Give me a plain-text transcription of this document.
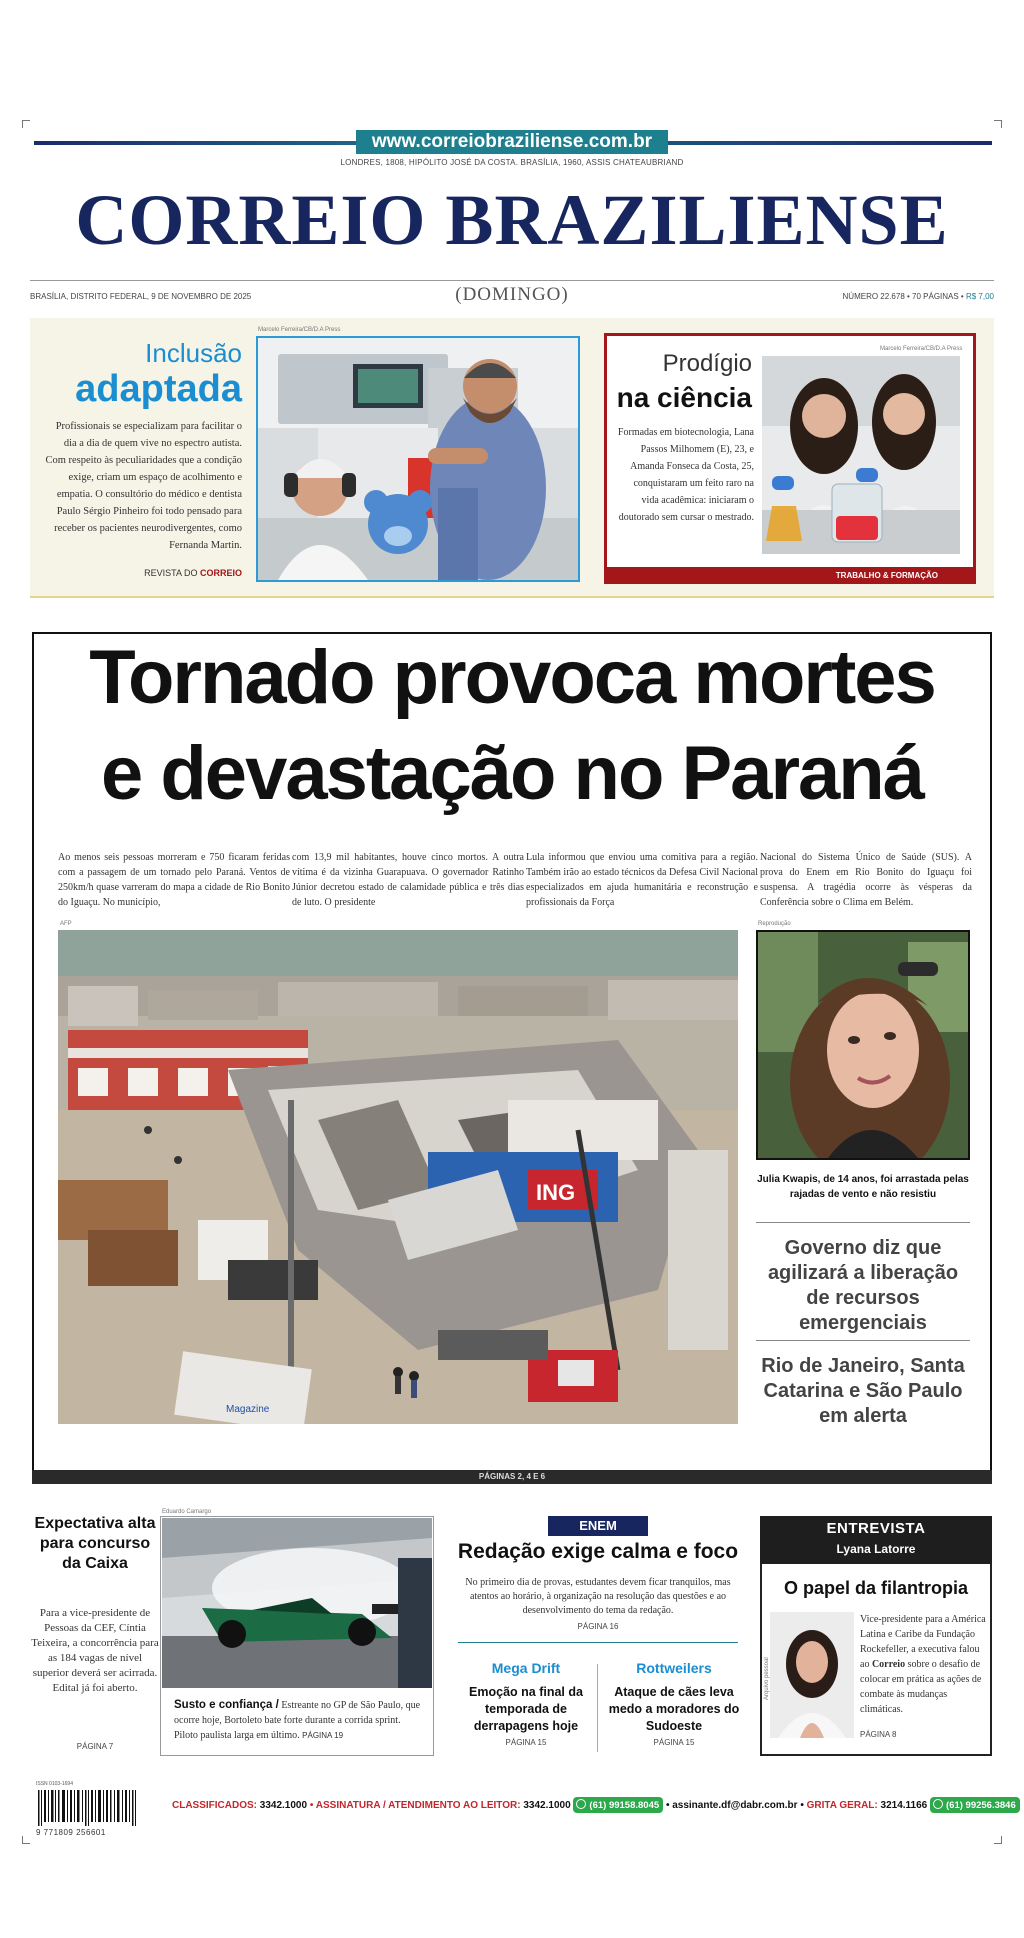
www.correiobraziliense.com.br
LONDRES, 1808, HIPÓLITO JOSÉ DA COSTA. BRASÍLIA, 1960, ASSIS CHATEAUBRIAND
CORREIO BRAZILIENSE
BRASÍLIA, DISTRITO FEDERAL, 9 DE NOVEMBRO DE 2025	(DOMINGO)	NÚMERO 22.678 • 70 PÁGINAS • R$ 7,00
Inclusão
adaptada
Profissionais se especializam para facilitar o dia a dia de quem vive no espectro autista. Com respeito às peculiaridades que a condição exige, criam um espaço de acolhimento e empatia. O consultório do médico e dentista Paulo Sérgio Pinheiro foi todo pensado para receber os pacientes neurodivergentes, como Fernanda Martin.
REVISTA DO CORREIO
Marcelo Ferreira/CB/D.A Press
Prodígio
na ciência
Formadas em biotecnologia, Lana Passos Milhomem (E), 23, e Amanda Fonseca da Costa, 25, conquistaram um feito raro na vida acadêmica: iniciaram o doutorado sem cursar o mestrado.
Marcelo Ferreira/CB/D.A Press
TRABALHO & FORMAÇÃO
Tornado provoca mortes
e devastação no Paraná
Ao menos seis pessoas morreram e 750 ficaram feridas com a passagem de um tornado pelo Paraná. Ventos de 250km/h quase varreram do mapa a cidade de Rio Bonito do Iguaçu. No município,
com 13,9 mil habitantes, houve cinco mortos. A outra vítima é da vizinha Guarapuava. O governador Ratinho Júnior decretou estado de calamidade pública e três dias de luto. O presidente
Lula informou que enviou uma comitiva para a região. Também irão ao estado técnicos da Defesa Civil Nacional especializados em ajuda humanitária e reconstrução e profissionais da Força
Nacional do Sistema Único de Saúde (SUS). A prova do Enem em Rio Bonito do Iguaçu foi suspensa. A tragédia ocorre às vésperas da Conferência sobre o Clima em Belém.
AFP
ING
Magazine
Reprodução
Julia Kwapis, de 14 anos, foi arrastada pelas rajadas de vento e não resistiu
Governo diz que agilizará a liberação de recursos emergenciais
Rio de Janeiro, Santa Catarina e São Paulo em alerta
PÁGINAS 2, 4 E 6
Expectativa alta para concurso da Caixa
Para a vice-presidente de Pessoas da CEF, Cíntia Teixeira, a concorrência para as 184 vagas de nível superior deverá ser acirrada. Edital já foi aberto.
PÁGINA 7
Eduardo Camargo
Susto e confiança / Estreante no GP de São Paulo, que ocorre hoje, Bortoleto bate forte durante a corrida sprint. Piloto paulista larga em último. PÁGINA 19
ENEM
Redação exige calma e foco
No primeiro dia de provas, estudantes devem ficar tranquilos, mas atentos ao horário, à organização na resolução das questões e ao desenvolvimento do tema da redação.
PÁGINA 16
Mega Drift
Emoção na final da temporada de derrapagens hoje
PÁGINA 15
Rottweilers
Ataque de cães leva medo a moradores do Sudoeste
PÁGINA 15
ENTREVISTA
Lyana Latorre
O papel da filantropia
Arquivo pessoal
Vice-presidente para a América Latina e Caribe da Fundação Rockefeller, a executiva falou ao Correio sobre o desafio de colocar em prática as ações de combate às mudanças climáticas.
PÁGINA 8
ISSN 0103-1694
9 771809 256601
CLASSIFICADOS: 3342.1000 • ASSINATURA / ATENDIMENTO AO LEITOR: 3342.1000 (61) 99158.8045 • assinante.df@dabr.com.br • GRITA GERAL: 3214.1166 (61) 99256.3846
